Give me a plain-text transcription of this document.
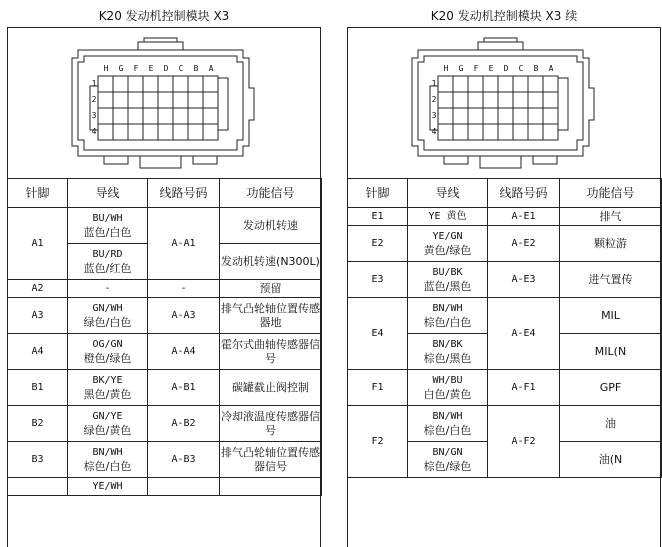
K20 发动机控制模块 X3
H	G	F	E	D	C	B	A
1
2
3
4
针脚	导线	线路号码	功能信号
A1	BU/WH
蓝色/白色	A-A1	发动机转速

	BU/RD
蓝色/红色		发动机转速(N300L)
A2	-	-	预留
A3	GN/WH
绿色/白色	A-A3	排气凸轮轴位置传感器地
A4	OG/GN
橙色/绿色	A-A4	霍尔式曲轴传感器信号
B1	BK/YE
黑色/黄色	A-B1	碳罐截止阀控制
B2	GN/YE
绿色/黄色	A-B2	冷却液温度传感器信号
B3	BN/WH
棕色/白色	A-B3	排气凸轮轴位置传感器信号

	YE/WH		

K20 发动机控制模块 X3 续
H	G	F	E	D	C	B	A
1
2
3
4
针脚	导线	线路号码	功能信号
E1	YE 黄色	A-E1	排气
E2	YE/GN
黄色/绿色	A-E2	颗粒游
E3	BU/BK
蓝色/黑色	A-E3	进气置传
E4	BN/WH
棕色/白色	A-E4	MIL

	BN/BK
棕色/黑色		MIL(N
F1	WH/BU
白色/黄色	A-F1	GPF
F2	BN/WH
棕色/白色	A-F2	油

	BN/GN
棕色/绿色		油(N
